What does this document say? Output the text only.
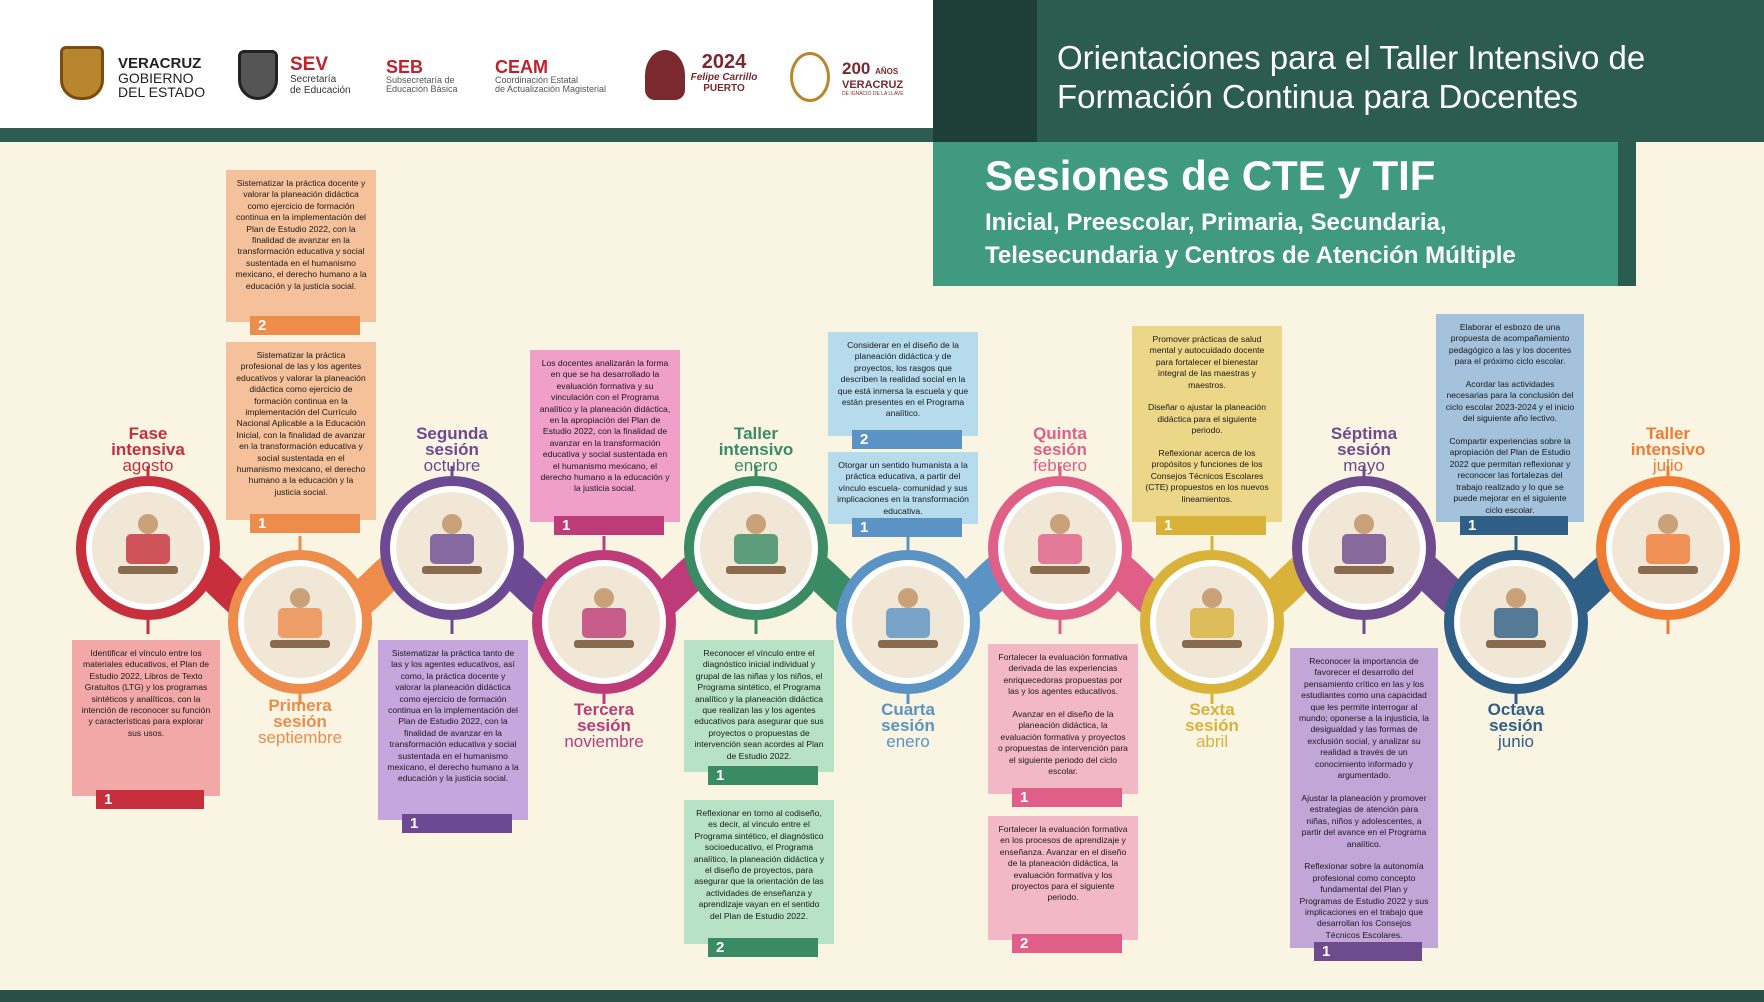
VERACRUZ
GOBIERNO
DEL ESTADO
SEV
Secretaría
de Educación
SEB
Subsecretaría de
Educación Básica
CEAM
Coordinación Estatal
de Actualización Magisterial
2024
Felipe Carrillo
PUERTO
200 AÑOS
VERACRUZ
DE IGNACIO DE LA LLAVE
Orientaciones para el Taller Intensivo de Formación Continua para Docentes
Sesiones de CTE y TIF

Inicial, Preescolar, Primaria, Secundaria, Telesecundaria y Centros de Atención Múltiple

Fase
intensiva
agosto
Primera
sesión
septiembre
Segunda
sesión
octubre
Tercera
sesión
noviembre
Taller
intensivo
enero
Cuarta
sesión
enero
Quinta
sesión
febrero
Sexta
sesión
abril
Séptima
sesión
mayo
Octava
sesión
junio
Taller
intensivo
julio

Identificar el vínculo entre los materiales educativos, el Plan de Estudio 2022, Libros de Texto Gratuitos (LTG) y los programas sintéticos y analíticos, con la intención de reconocer su función y características para explorar sus usos.

1

Sistematizar la práctica docente y valorar la planeación didáctica como ejercicio de formación continua en la implementación del Plan de Estudio 2022, con la finalidad de avanzar en la transformación educativa y social sustentada en el humanismo mexicano, el derecho humano a la educación y la justicia social.

2

Sistematizar la práctica profesional de las y los agentes educativos y valorar la planeación didáctica como ejercicio de formación continua en la implementación del Currículo Nacional Aplicable a la Educación Inicial, con la finalidad de avanzar en la transformación educativa y social sustentada en el humanismo mexicano, el derecho humano a la educación y la justicia social.

1

Sistematizar la práctica tanto de las y los agentes educativos, así como, la práctica docente y valorar la planeación didáctica como ejercicio de formación continua en la implementación del Plan de Estudio 2022, con la finalidad de avanzar en la transformación educativa y social sustentada en el humanismo mexicano, el derecho humano a la educación y la justicia social.

1

Los docentes analizarán la forma en que se ha desarrollado la evaluación formativa y su vinculación con el Programa analítico y la planeación didáctica, en la apropiación del Plan de Estudio 2022, con la finalidad de avanzar en la transformación educativa y social sustentada en el humanismo mexicano, el derecho humano a la educación y la justicia social.

1

Reconocer el vínculo entre el diagnóstico inicial individual y grupal de las niñas y los niños, el Programa sintético, el Programa analítico y la planeación didáctica que realizan las y los agentes educativos para asegurar que sus proyectos o propuestas de intervención sean acordes al Plan de Estudio 2022.

1

Reflexionar en torno al codiseño, es decir, al vínculo entre el Programa sintético, el diagnóstico socioeducativo, el Programa analítico, la planeación didáctica y el diseño de proyectos, para asegurar que la orientación de las actividades de enseñanza y aprendizaje vayan en el sentido del Plan de Estudio 2022.

2

Considerar en el diseño de la planeación didáctica y de proyectos, los rasgos que describen la realidad social en la que está inmersa la escuela y que están presentes en el Programa analítico.

2

Otorgar un sentido humanista a la práctica educativa, a partir del vínculo escuela- comunidad y sus implicaciones en la transformación educativa.

1

Fortalecer la evaluación formativa derivada de las experiencias enriquecedoras propuestas por las y los agentes educativos.

Avanzar en el diseño de la planeación didáctica, la evaluación formativa y proyectos o propuestas de intervención para el siguiente periodo del ciclo escolar.

1

Fortalecer la evaluación formativa en los procesos de aprendizaje y enseñanza. Avanzar en el diseño de la planeación didáctica, la evaluación formativa y los proyectos para el siguiente periodo.

2

Promover prácticas de salud mental y autocuidado docente para fortalecer el bienestar integral de las maestras y maestros.

Diseñar o ajustar la planeación didáctica para el siguiente periodo.

Reflexionar acerca de los propósitos y funciones de los Consejos Técnicos Escolares (CTE) propuestos en los nuevos lineamientos.

1

Reconocer la importancia de favorecer el desarrollo del pensamiento crítico en las y los estudiantes como una capacidad que les permite interrogar al mundo; oponerse a la injusticia, la desigualdad y las formas de exclusión social, y analizar su realidad a través de un conocimiento informado y argumentado.

Ajustar la planeación y promover estrategias de atención para niñas, niños y adolescentes, a partir del avance en el Programa analítico.

Reflexionar sobre la autonomía profesional como concepto fundamental del Plan y Programas de Estudio 2022 y sus implicaciones en el trabajo que desarrollan los Consejos Técnicos Escolares.

1

Elaborar el esbozo de una propuesta de acompañamiento pedagógico a las y los docentes para el próximo ciclo escolar.

Acordar las actividades necesarias para la conclusión del ciclo escolar 2023-2024 y el inicio del siguiente año lectivo.

Compartir experiencias sobre la apropiación del Plan de Estudio 2022 que permitan reflexionar y reconocer las fortalezas del trabajo realizado y lo que se puede mejorar en el siguiente ciclo escolar.

1
